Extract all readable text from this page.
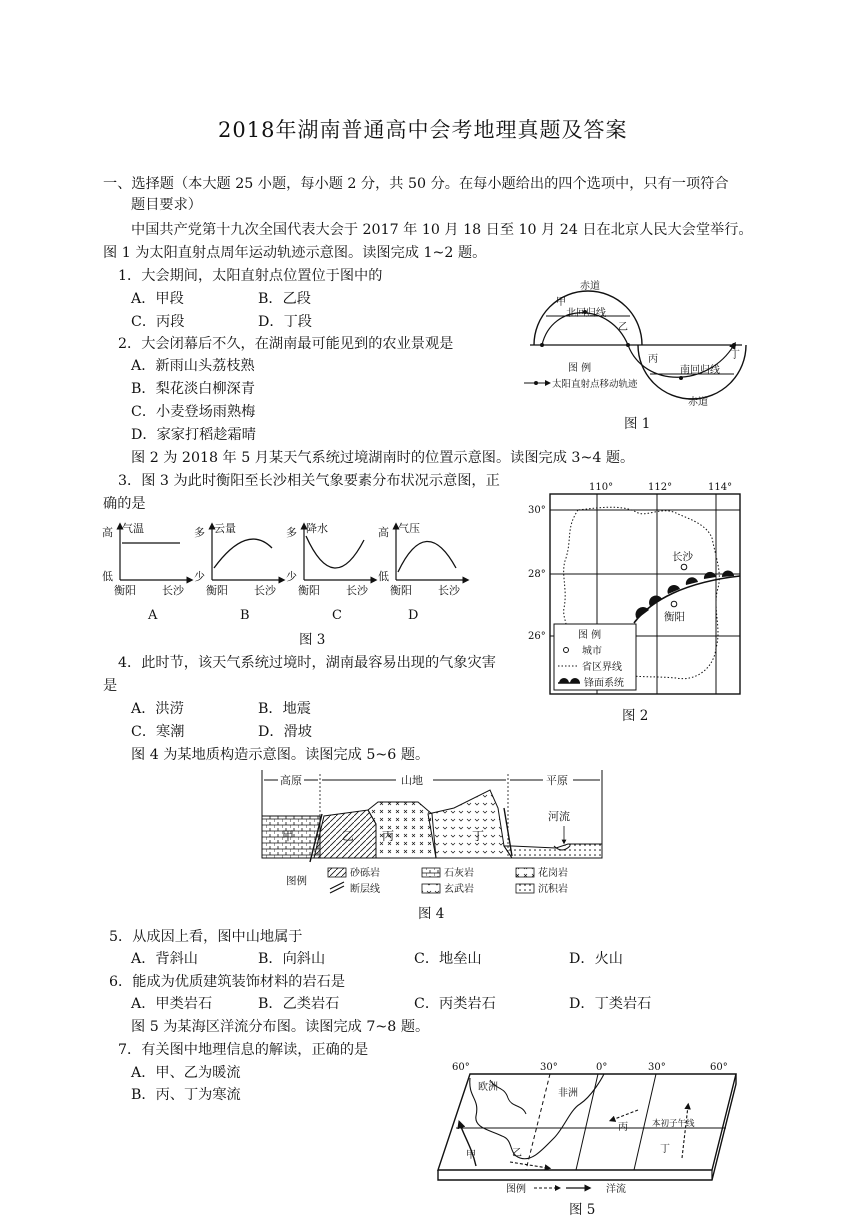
2018年湖南普通高中会考地理真题及答案
一、选择题（本大题 25 小题，每小题 2 分，共 50 分。在每小题给出的四个选项中，只有一项符合
题目要求）
中国共产党第十九次全国代表大会于 2017 年 10 月 18 日至 10 月 24 日在北京人民大会堂举行。
图 1 为太阳直射点周年运动轨迹示意图。读图完成 1~2 题。
1．大会期间，太阳直射点位置位于图中的
A．甲段	B．乙段
C．丙段	D．丁段
2．大会闭幕后不久，在湖南最可能见到的农业景观是
A．新雨山头荔枝熟
B．梨花淡白柳深青
C．小麦登场雨熟梅
D．家家打稻趁霜晴
图 2 为 2018 年 5 月某天气系统过境湖南时的位置示意图。读图完成 3~4 题。
3．图 3 为此时衡阳至长沙相关气象要素分布状况示意图，正
确的是
高 气温
低
衡阳 长沙
A
多 云量
少
衡阳 长沙
B
多 降水
少
衡阳 长沙
C
高 气压
低
衡阳 长沙
D
图 3
4．此时节，该天气系统过境时，湖南最容易出现的气象灾害
是
A．洪涝	B．地震
C．寒潮	D．滑坡
图 4 为某地质构造示意图。读图完成 5~6 题。
赤道
北回归线
南回归线
赤道
甲
乙
丙	丁
图 例
太阳直射点移动轨迹
图 1
长沙
衡阳
110°	112°	114°
30°
28°
26°	图 例
城市
省区界线
锋面系统
图 2
高原	山地	平原
河流
甲	乙 丙	丁
图例
砂砾岩	石灰岩	花岗岩
断层线	玄武岩	沉积岩
图 4
5．从成因上看，图中山地属于
A．背斜山	B．向斜山	C．地垒山	D．火山
6．能成为优质建筑装饰材料的岩石是
A．甲类岩石	B．乙类岩石	C．丙类岩石	D．丁类岩石
图 5 为某海区洋流分布图。读图完成 7~8 题。
7．有关图中地理信息的解读，正确的是
A．甲、乙为暖流
B．丙、丁为寒流
60°	30°	0°	30°	60°
欧洲
非洲
本初子午线
甲	乙
丙
丁
图例	洋流
图 5
